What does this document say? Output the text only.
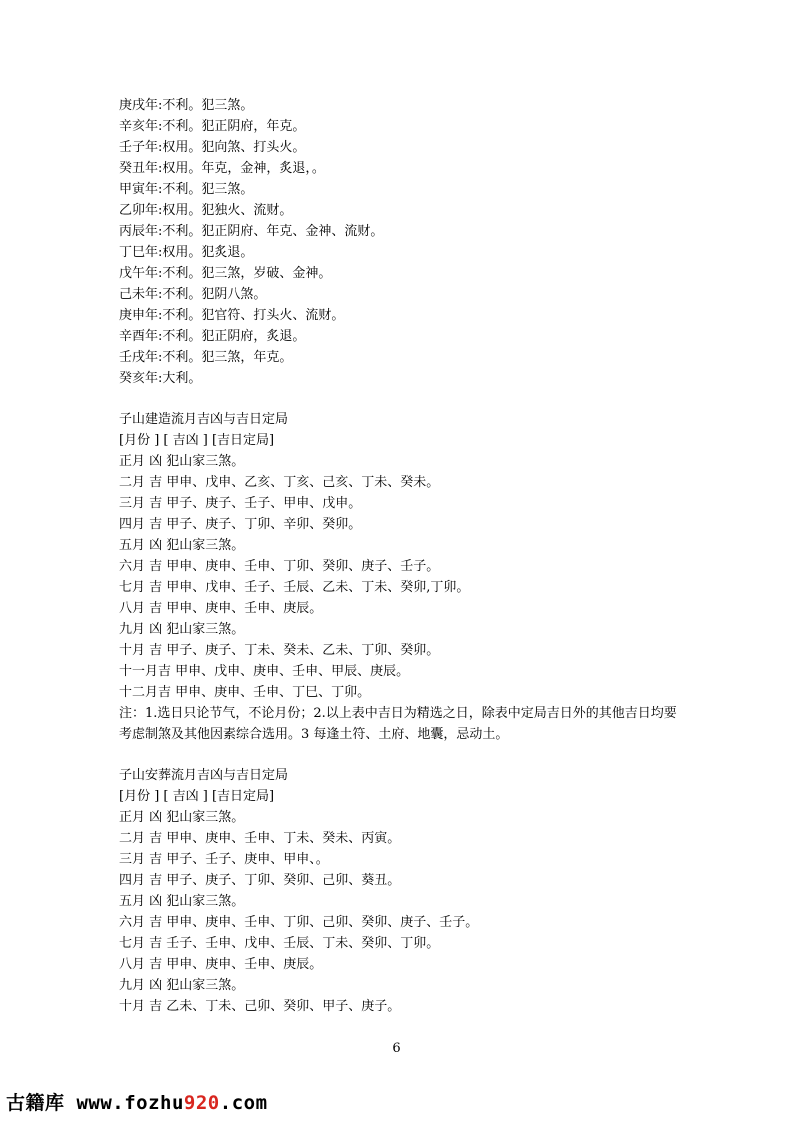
庚戌年:不利。犯三煞。
辛亥年:不利。犯正阴府，年克。
壬子年:权用。犯向煞、打头火。
癸丑年:权用。年克，金神，炙退，。
甲寅年:不利。犯三煞。
乙卯年:权用。犯独火、流财。
丙辰年:不利。犯正阴府、年克、金神、流财。
丁巳年:权用。犯炙退。
戊午年:不利。犯三煞，岁破、金神。
己未年:不利。犯阴八煞。
庚申年:不利。犯官符、打头火、流财。
辛酉年:不利。犯正阴府，炙退。
壬戌年:不利。犯三煞，年克。
癸亥年:大利。
子山建造流月吉凶与吉日定局
[月份 ] [ 吉凶 ] [吉日定局]
正月 凶 犯山家三煞。
二月 吉 甲申、戊申、乙亥、丁亥、己亥、丁未、癸未。
三月 吉 甲子、庚子、壬子、甲申、戊申。
四月 吉 甲子、庚子、丁卯、辛卯、癸卯。
五月 凶 犯山家三煞。
六月 吉 甲申、庚申、壬申、丁卯、癸卯、庚子、壬子。
七月 吉 甲申、戊申、壬子、壬辰、乙未、丁未、癸卯,丁卯。
八月 吉 甲申、庚申、壬申、庚辰。
九月 凶 犯山家三煞。
十月 吉 甲子、庚子、丁未、癸未、乙未、丁卯、癸卯。
十一月吉 甲申、戊申、庚申、壬申、甲辰、庚辰。
十二月吉 甲申、庚申、壬申、丁巳、丁卯。
注：1.选日只论节气，不论月份；2.以上表中吉日为精选之日，除表中定局吉日外的其他吉日均要考虑制煞及其他因素综合选用。3 每逢土符、土府、地囊，忌动土。
子山安葬流月吉凶与吉日定局
[月份 ] [ 吉凶 ] [吉日定局]
正月 凶 犯山家三煞。
二月 吉 甲申、庚申、壬申、丁未、癸未、丙寅。
三月 吉 甲子、壬子、庚申、甲申、。
四月 吉 甲子、庚子、丁卯、癸卯、己卯、葵丑。
五月 凶 犯山家三煞。
六月 吉 甲申、庚申、壬申、丁卯、己卯、癸卯、庚子、壬子。
七月 吉 壬子、壬申、戊申、壬辰、丁未、癸卯、丁卯。
八月 吉 甲申、庚申、壬申、庚辰。
九月 凶 犯山家三煞。
十月 吉 乙未、丁未、己卯、癸卯、甲子、庚子。
6
古籍库 www.fozhu920.com
